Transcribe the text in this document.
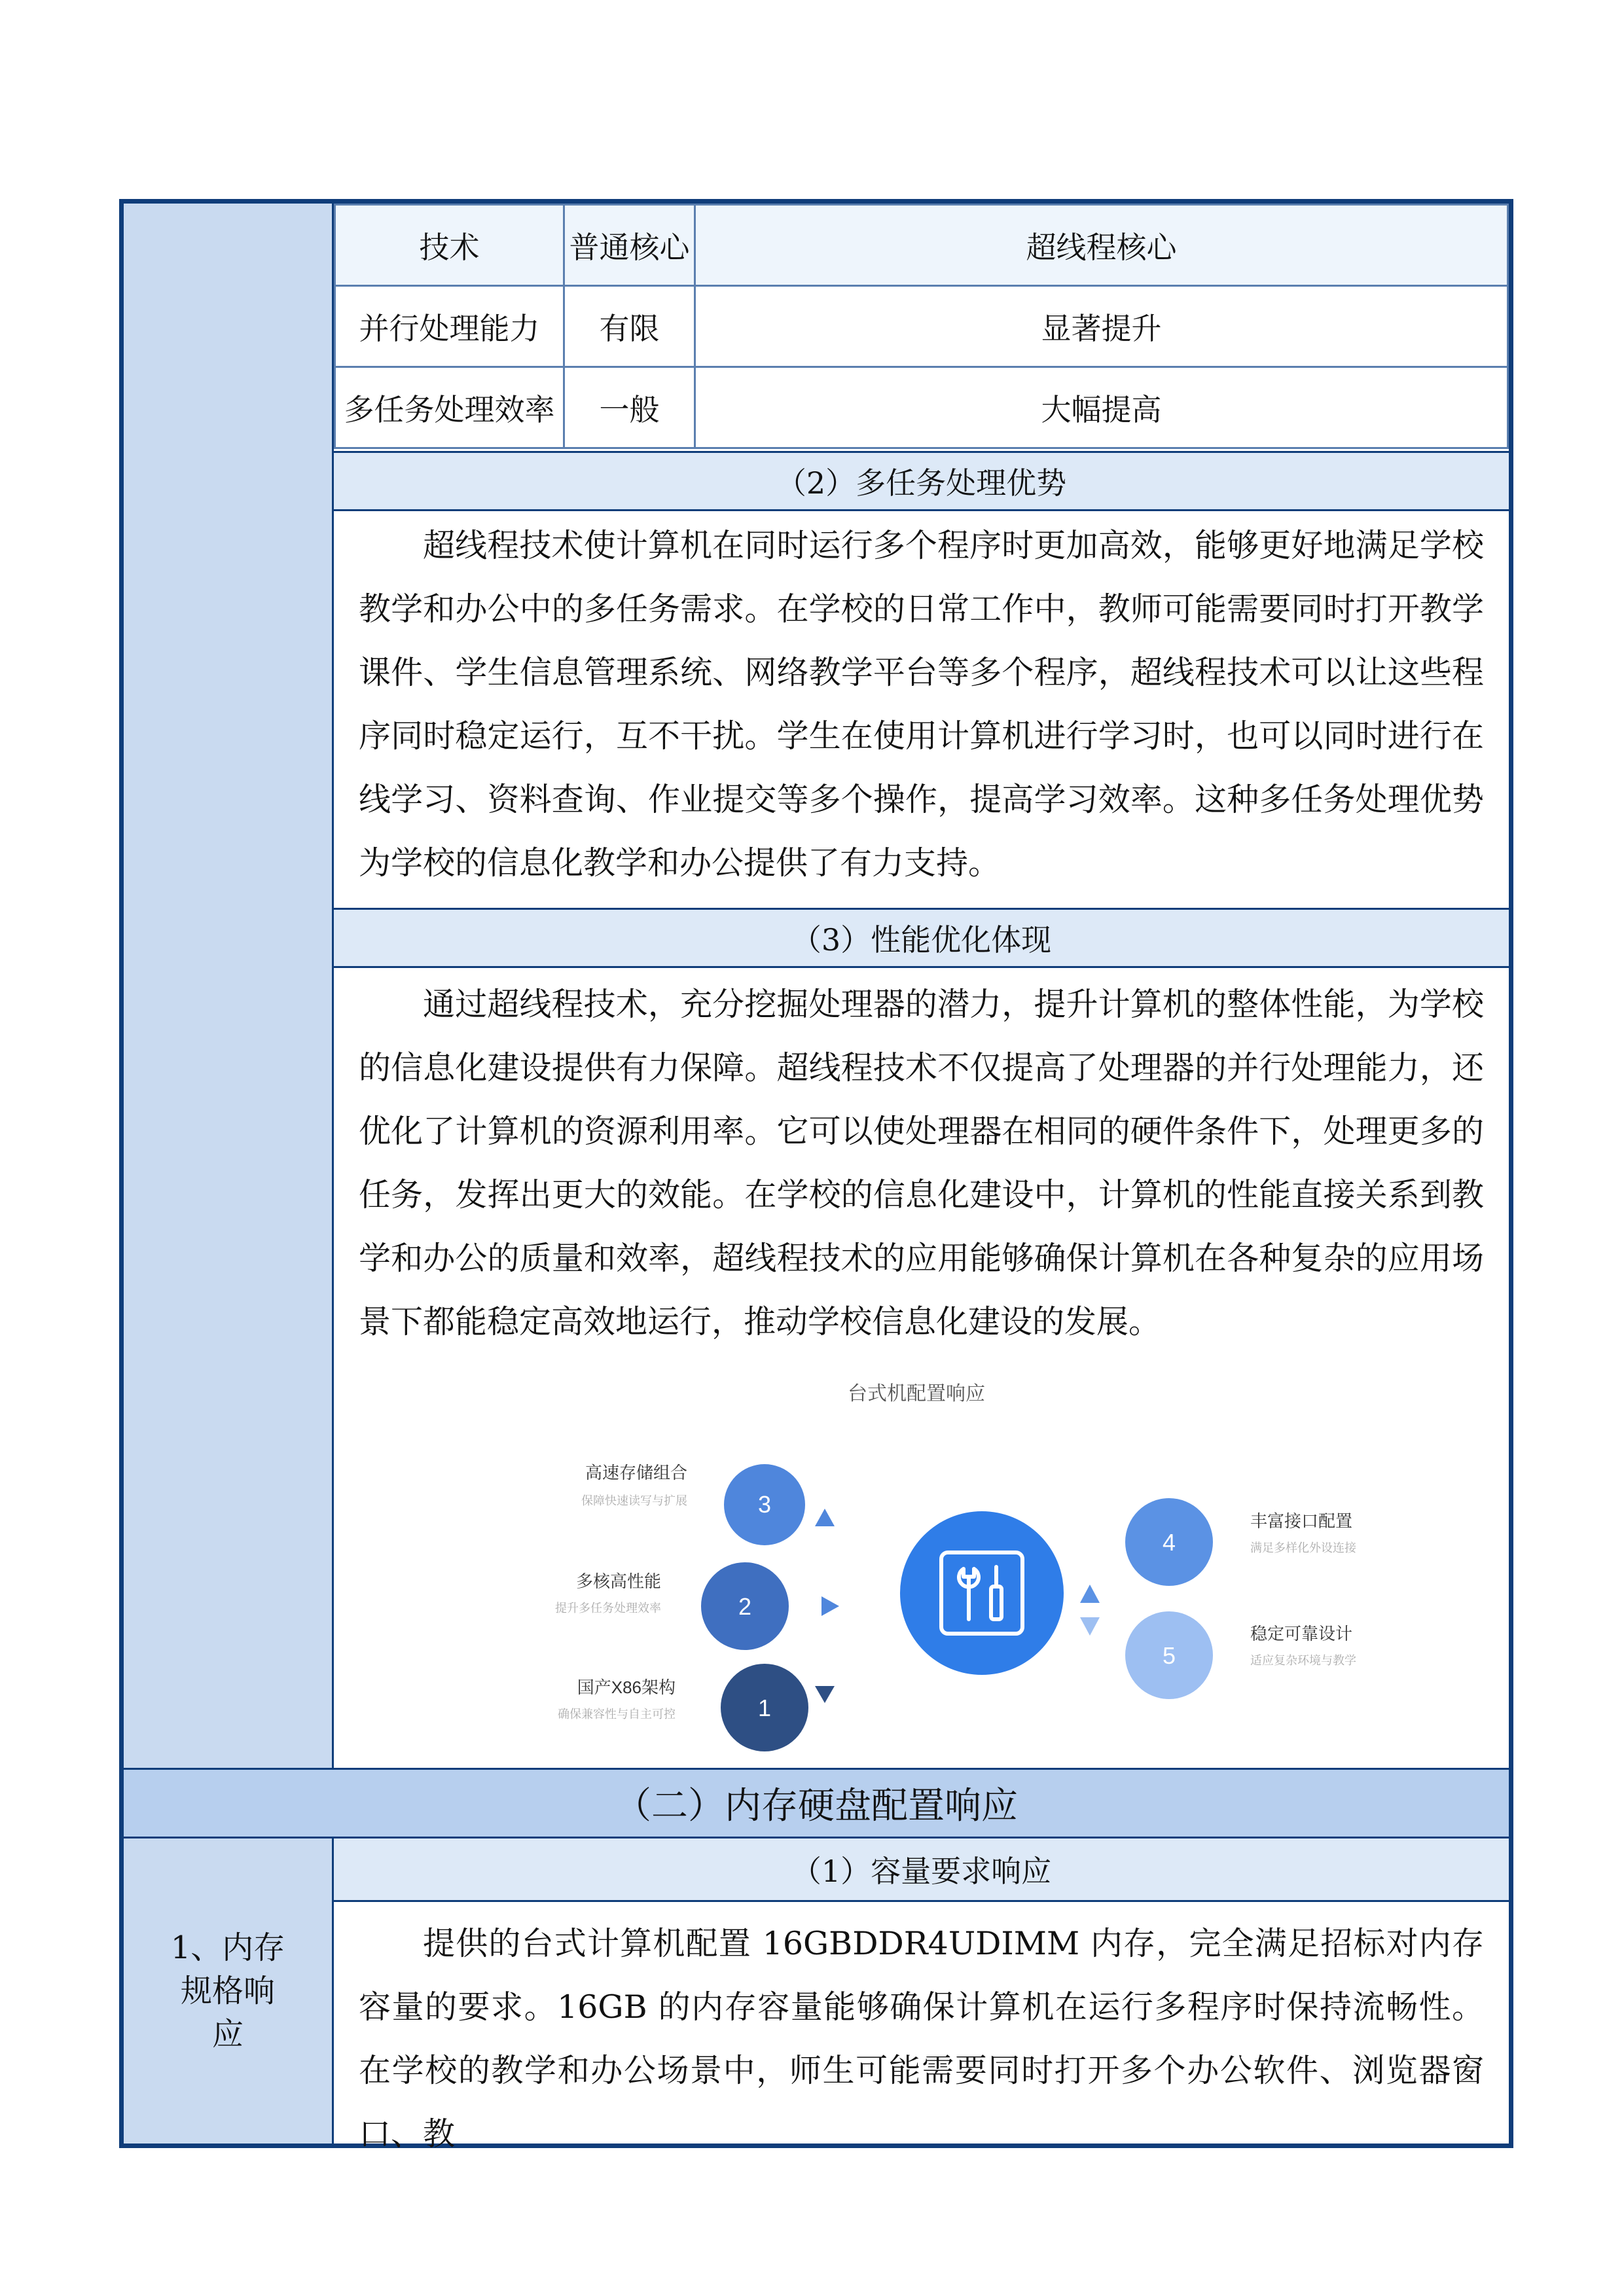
技术	普通核心	超线程核心
并行处理能力	有限	显著提升
多任务处理效率	一般	大幅提高
（2）多任务处理优势

超线程技术使计算机在同时运行多个程序时更加高效，能够更好地满足学校教学和办公中的多任务需求。在学校的日常工作中，教师可能需要同时打开教学课件、学生信息管理系统、网络教学平台等多个程序，超线程技术可以让这些程序同时稳定运行，互不干扰。学生在使用计算机进行学习时，也可以同时进行在线学习、资料查询、作业提交等多个操作，提高学习效率。这种多任务处理优势为学校的信息化教学和办公提供了有力支持。

（3）性能优化体现

通过超线程技术，充分挖掘处理器的潜力，提升计算机的整体性能，为学校的信息化建设提供有力保障。超线程技术不仅提高了处理器的并行处理能力，还优化了计算机的资源利用率。它可以使处理器在相同的硬件条件下，处理更多的任务，发挥出更大的效能。在学校的信息化建设中，计算机的性能直接关系到教学和办公的质量和效率，超线程技术的应用能够确保计算机在各种复杂的应用场景下都能稳定高效地运行，推动学校信息化建设的发展。

台式机配置响应
3
高速存储组合
保障快速读写与扩展
2
多核高性能
提升多任务处理效率
1
国产X86架构
确保兼容性与自主可控
4
丰富接口配置
满足多样化外设连接
5
稳定可靠设计
适应复杂环境与教学
（二）内存硬盘配置响应
1、内存规格响应
（1）容量要求响应

提供的台式计算机配置 16GBDDR4UDIMM 内存，完全满足招标对内存容量的要求。16GB 的内存容量能够确保计算机在运行多程序时保持流畅性。在学校的教学和办公场景中，师生可能需要同时打开多个办公软件、浏览器窗口、教
